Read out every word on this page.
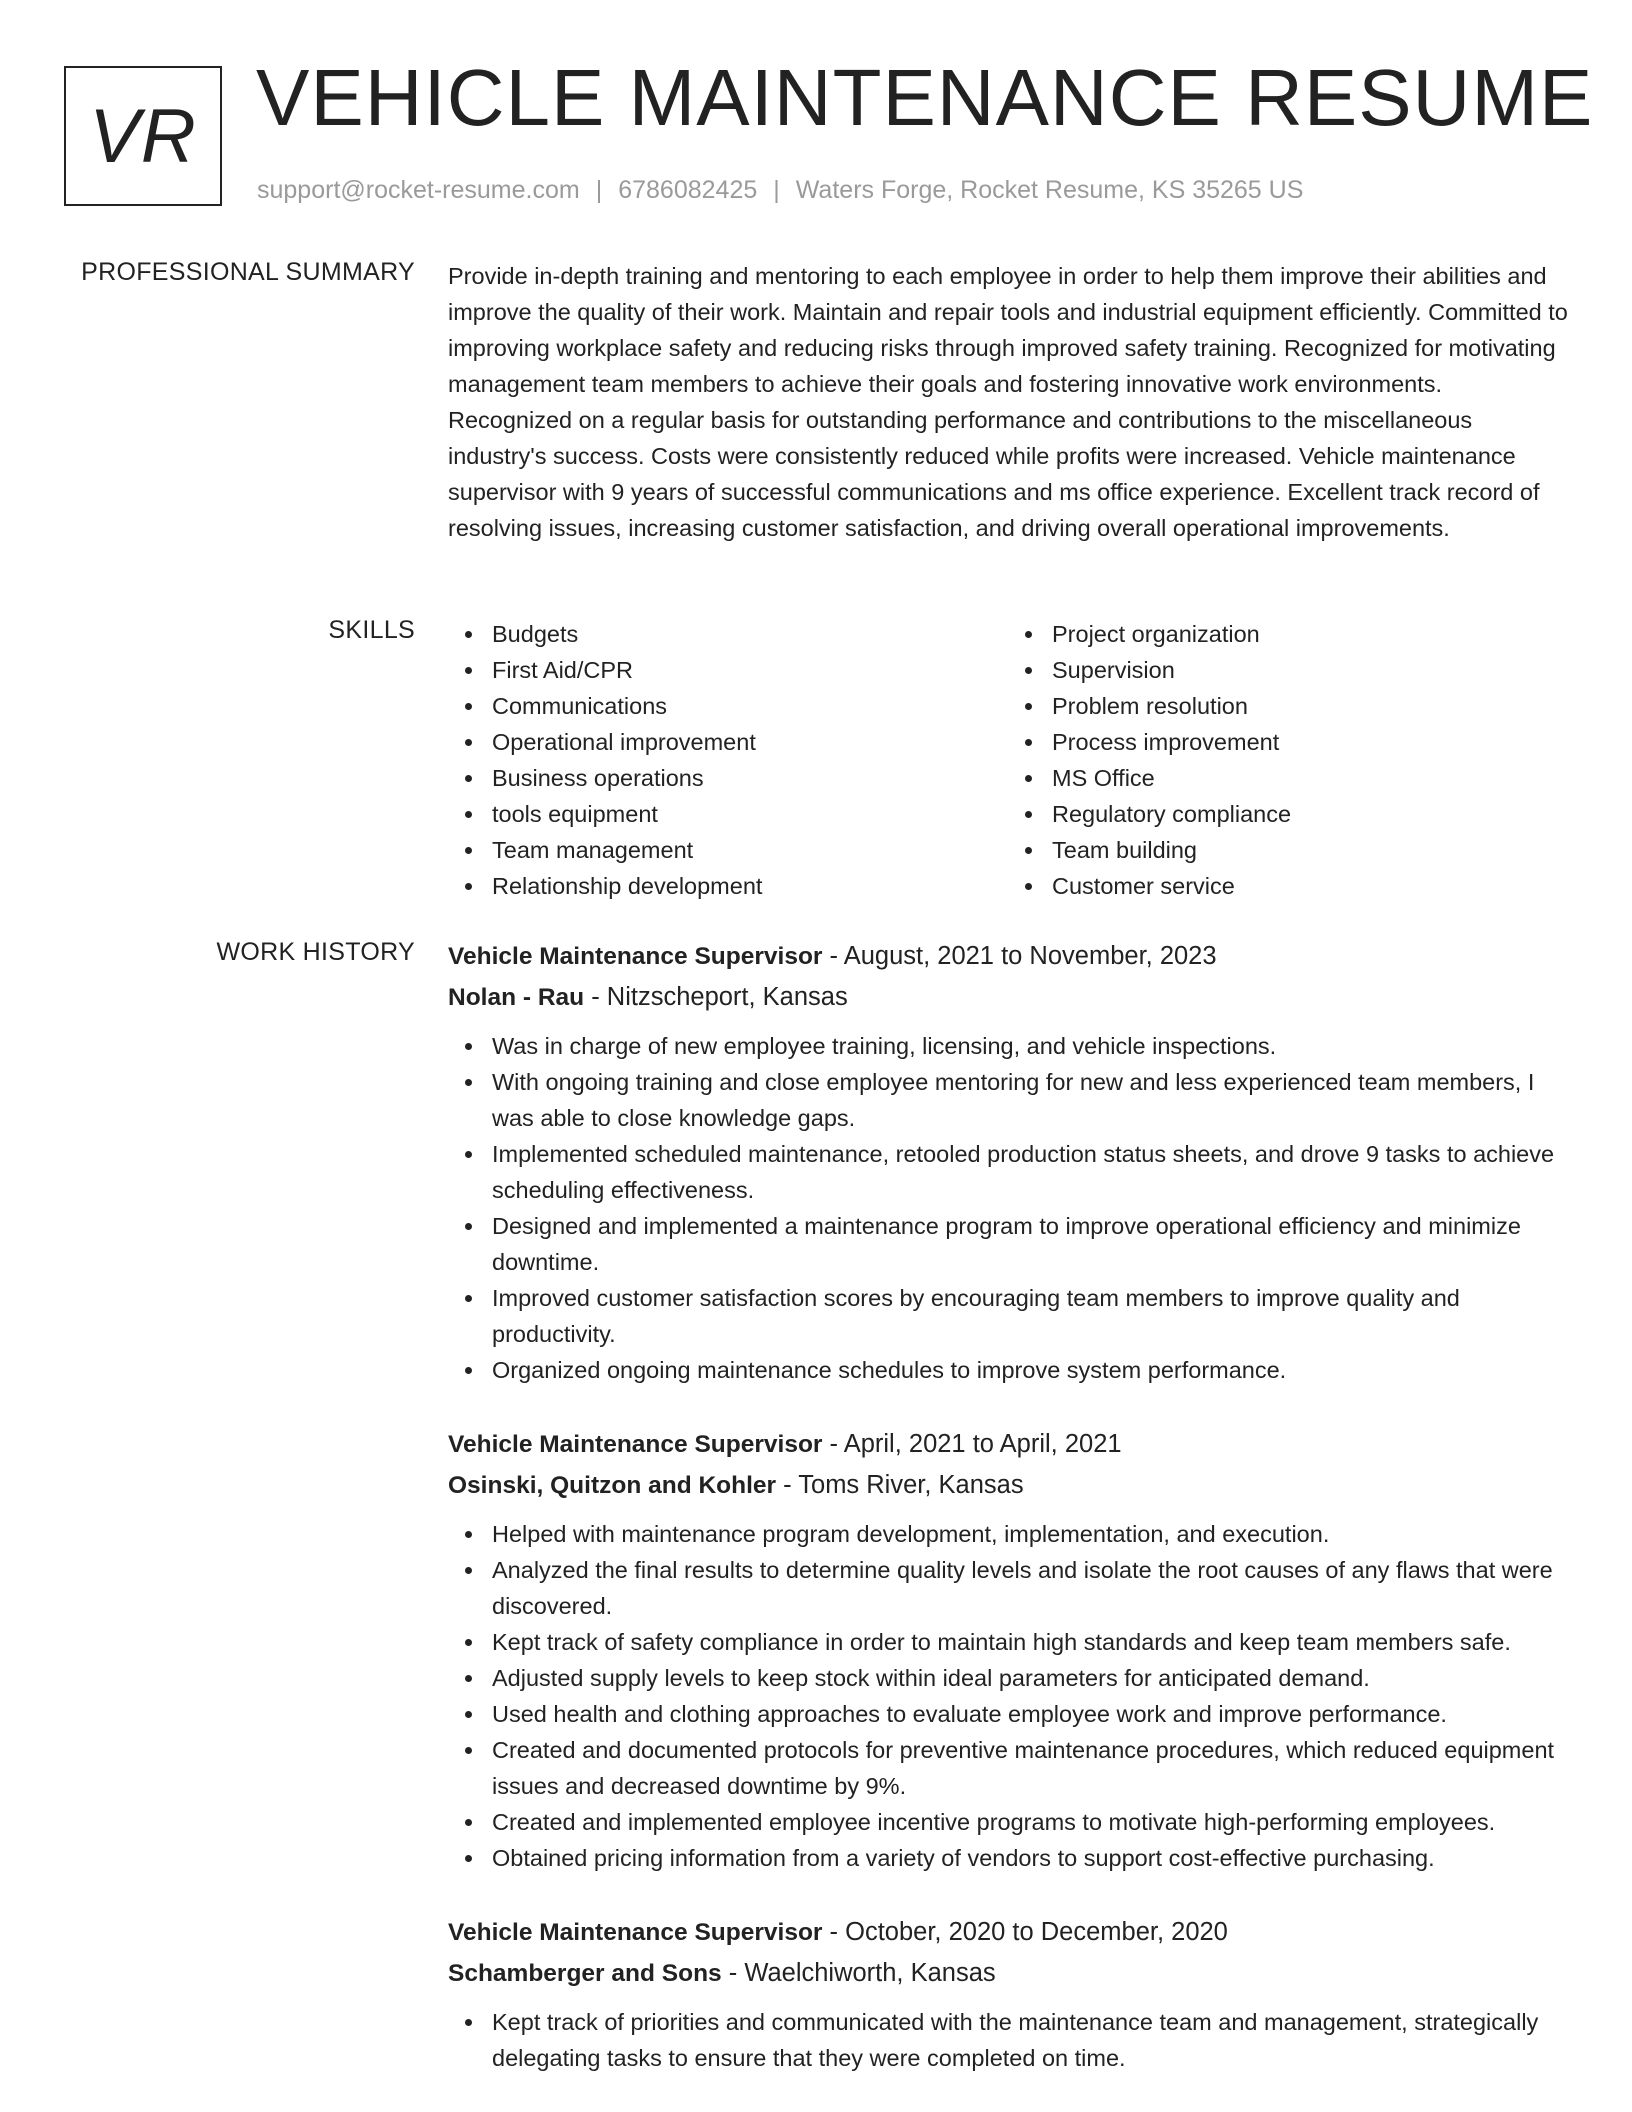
VR VEHICLE MAINTENANCE RESUME
support@rocket-resume.com | 6786082425 | Waters Forge, Rocket Resume, KS 35265 US
PROFESSIONAL SUMMARY Provide in-depth training and mentoring to each employee in order to help them improve their abilities and improve the quality of their work. Maintain and repair tools and industrial equipment efficiently. Committed to improving workplace safety and reducing risks through improved safety training. Recognized for motivating management team members to achieve their goals and fostering innovative work environments. Recognized on a regular basis for outstanding performance and contributions to the miscellaneous industry's success. Costs were consistently reduced while profits were increased. Vehicle maintenance supervisor with 9 years of successful communications and ms office experience. Excellent track record of resolving issues, increasing customer satisfaction, and driving overall operational improvements.

SKILLS	Budgets
First Aid/CPR
Communications
Operational improvement
Business operations
tools equipment
Team management
Relationship development
Project organization
Supervision
Problem resolution
Process improvement
MS Office
Regulatory compliance
Team building
Customer service
WORK HISTORY Vehicle Maintenance Supervisor - August, 2021 to November, 2023
Nolan - Rau - Nitzscheport, Kansas
Was in charge of new employee training, licensing, and vehicle inspections.
With ongoing training and close employee mentoring for new and less experienced team members, I was able to close knowledge gaps.
Implemented scheduled maintenance, retooled production status sheets, and drove 9 tasks to achieve scheduling effectiveness.
Designed and implemented a maintenance program to improve operational efficiency and minimize downtime.
Improved customer satisfaction scores by encouraging team members to improve quality and productivity.
Organized ongoing maintenance schedules to improve system performance.
Vehicle Maintenance Supervisor - April, 2021 to April, 2021
Osinski, Quitzon and Kohler - Toms River, Kansas
Helped with maintenance program development, implementation, and execution.
Analyzed the final results to determine quality levels and isolate the root causes of any flaws that were discovered.
Kept track of safety compliance in order to maintain high standards and keep team members safe.
Adjusted supply levels to keep stock within ideal parameters for anticipated demand.
Used health and clothing approaches to evaluate employee work and improve performance.
Created and documented protocols for preventive maintenance procedures, which reduced equipment issues and decreased downtime by 9%.
Created and implemented employee incentive programs to motivate high-performing employees.
Obtained pricing information from a variety of vendors to support cost-effective purchasing.
Vehicle Maintenance Supervisor - October, 2020 to December, 2020
Schamberger and Sons - Waelchiworth, Kansas
Kept track of priorities and communicated with the maintenance team and management, strategically delegating tasks to ensure that they were completed on time.
